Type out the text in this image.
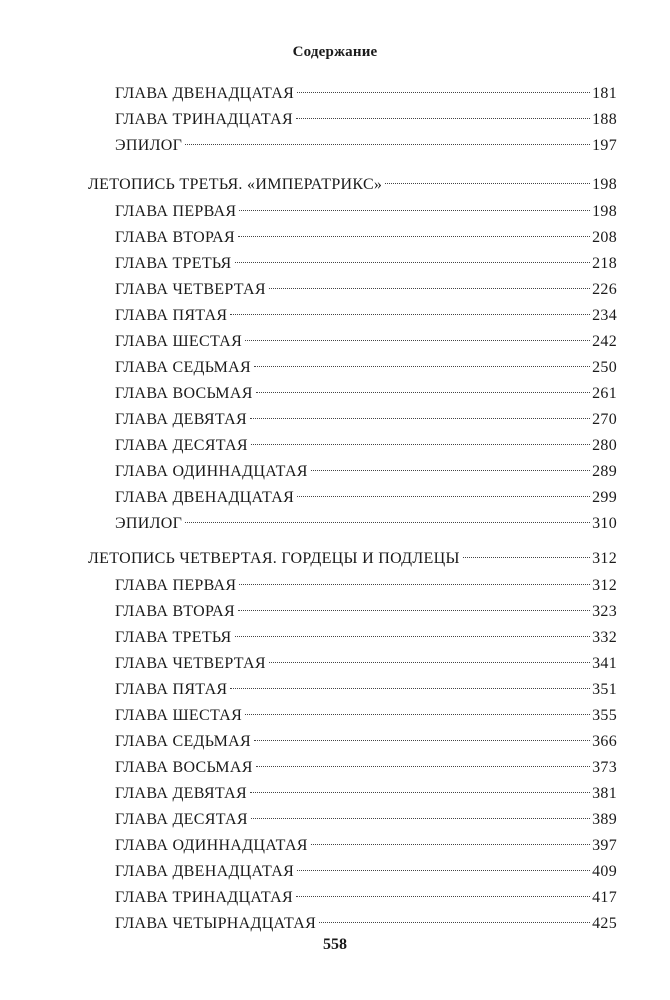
Содержание
ГЛАВА ДВЕНАДЦАТАЯ	181
ГЛАВА ТРИНАДЦАТАЯ	188
ЭПИЛОГ	197
ЛЕТОПИСЬ ТРЕТЬЯ. «ИМПЕРАТРИКС»	198
ГЛАВА ПЕРВАЯ	198
ГЛАВА ВТОРАЯ	208
ГЛАВА ТРЕТЬЯ	218
ГЛАВА ЧЕТВЕРТАЯ	226
ГЛАВА ПЯТАЯ	234
ГЛАВА ШЕСТАЯ	242
ГЛАВА СЕДЬМАЯ	250
ГЛАВА ВОСЬМАЯ	261
ГЛАВА ДЕВЯТАЯ	270
ГЛАВА ДЕСЯТАЯ	280
ГЛАВА ОДИННАДЦАТАЯ	289
ГЛАВА ДВЕНАДЦАТАЯ	299
ЭПИЛОГ	310
ЛЕТОПИСЬ ЧЕТВЕРТАЯ. ГОРДЕЦЫ И ПОДЛЕЦЫ	312
ГЛАВА ПЕРВАЯ	312
ГЛАВА ВТОРАЯ	323
ГЛАВА ТРЕТЬЯ	332
ГЛАВА ЧЕТВЕРТАЯ	341
ГЛАВА ПЯТАЯ	351
ГЛАВА ШЕСТАЯ	355
ГЛАВА СЕДЬМАЯ	366
ГЛАВА ВОСЬМАЯ	373
ГЛАВА ДЕВЯТАЯ	381
ГЛАВА ДЕСЯТАЯ	389
ГЛАВА ОДИННАДЦАТАЯ	397
ГЛАВА ДВЕНАДЦАТАЯ	409
ГЛАВА ТРИНАДЦАТАЯ	417
ГЛАВА ЧЕТЫРНАДЦАТАЯ	425
558
